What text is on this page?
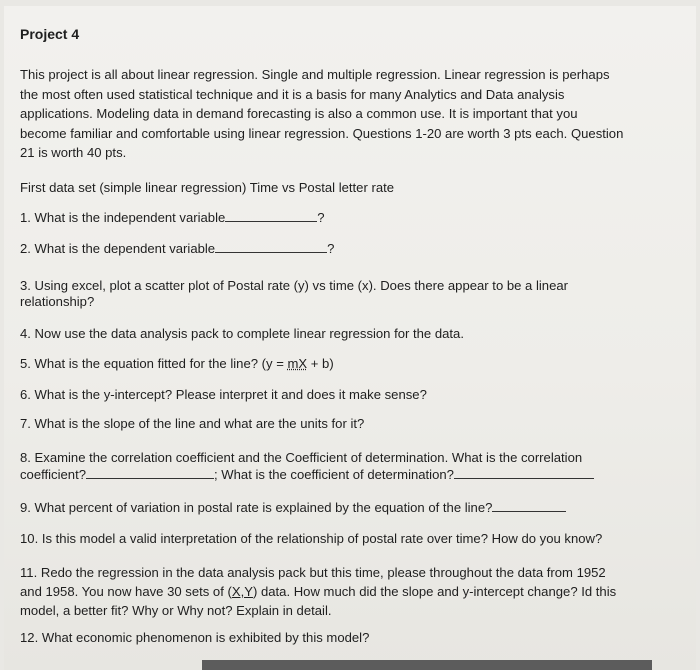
Project 4
This project is all about linear regression. Single and multiple regression. Linear regression is perhaps
the most often used statistical technique and it is a basis for many Analytics and Data analysis
applications. Modeling data in demand forecasting is also a common use. It is important that you
become familiar and comfortable using linear regression. Questions 1-20 are worth 3 pts each. Question
21 is worth 40 pts.
First data set (simple linear regression) Time vs Postal letter rate
1. What is the independent variable	?
2. What is the dependent variable	?
3. Using excel, plot a scatter plot of Postal rate (y) vs time (x). Does there appear to be a linear
relationship?
4. Now use the data analysis pack to complete linear regression for the data.
5. What is the equation fitted for the line? (y = mX + b)
6. What is the y-intercept? Please interpret it and does it make sense?
7. What is the slope of the line and what are the units for it?
8. Examine the correlation coefficient and the Coefficient of determination. What is the correlation
coefficient?	; What is the coefficient of determination?
9. What percent of variation in postal rate is explained by the equation of the line?
10. Is this model a valid interpretation of the relationship of postal rate over time? How do you know?
11. Redo the regression in the data analysis pack but this time, please throughout the data from 1952
and 1958. You now have 30 sets of (X,Y) data. How much did the slope and y-intercept change? Id this
model, a better fit? Why or Why not? Explain in detail.
12. What economic phenomenon is exhibited by this model?
